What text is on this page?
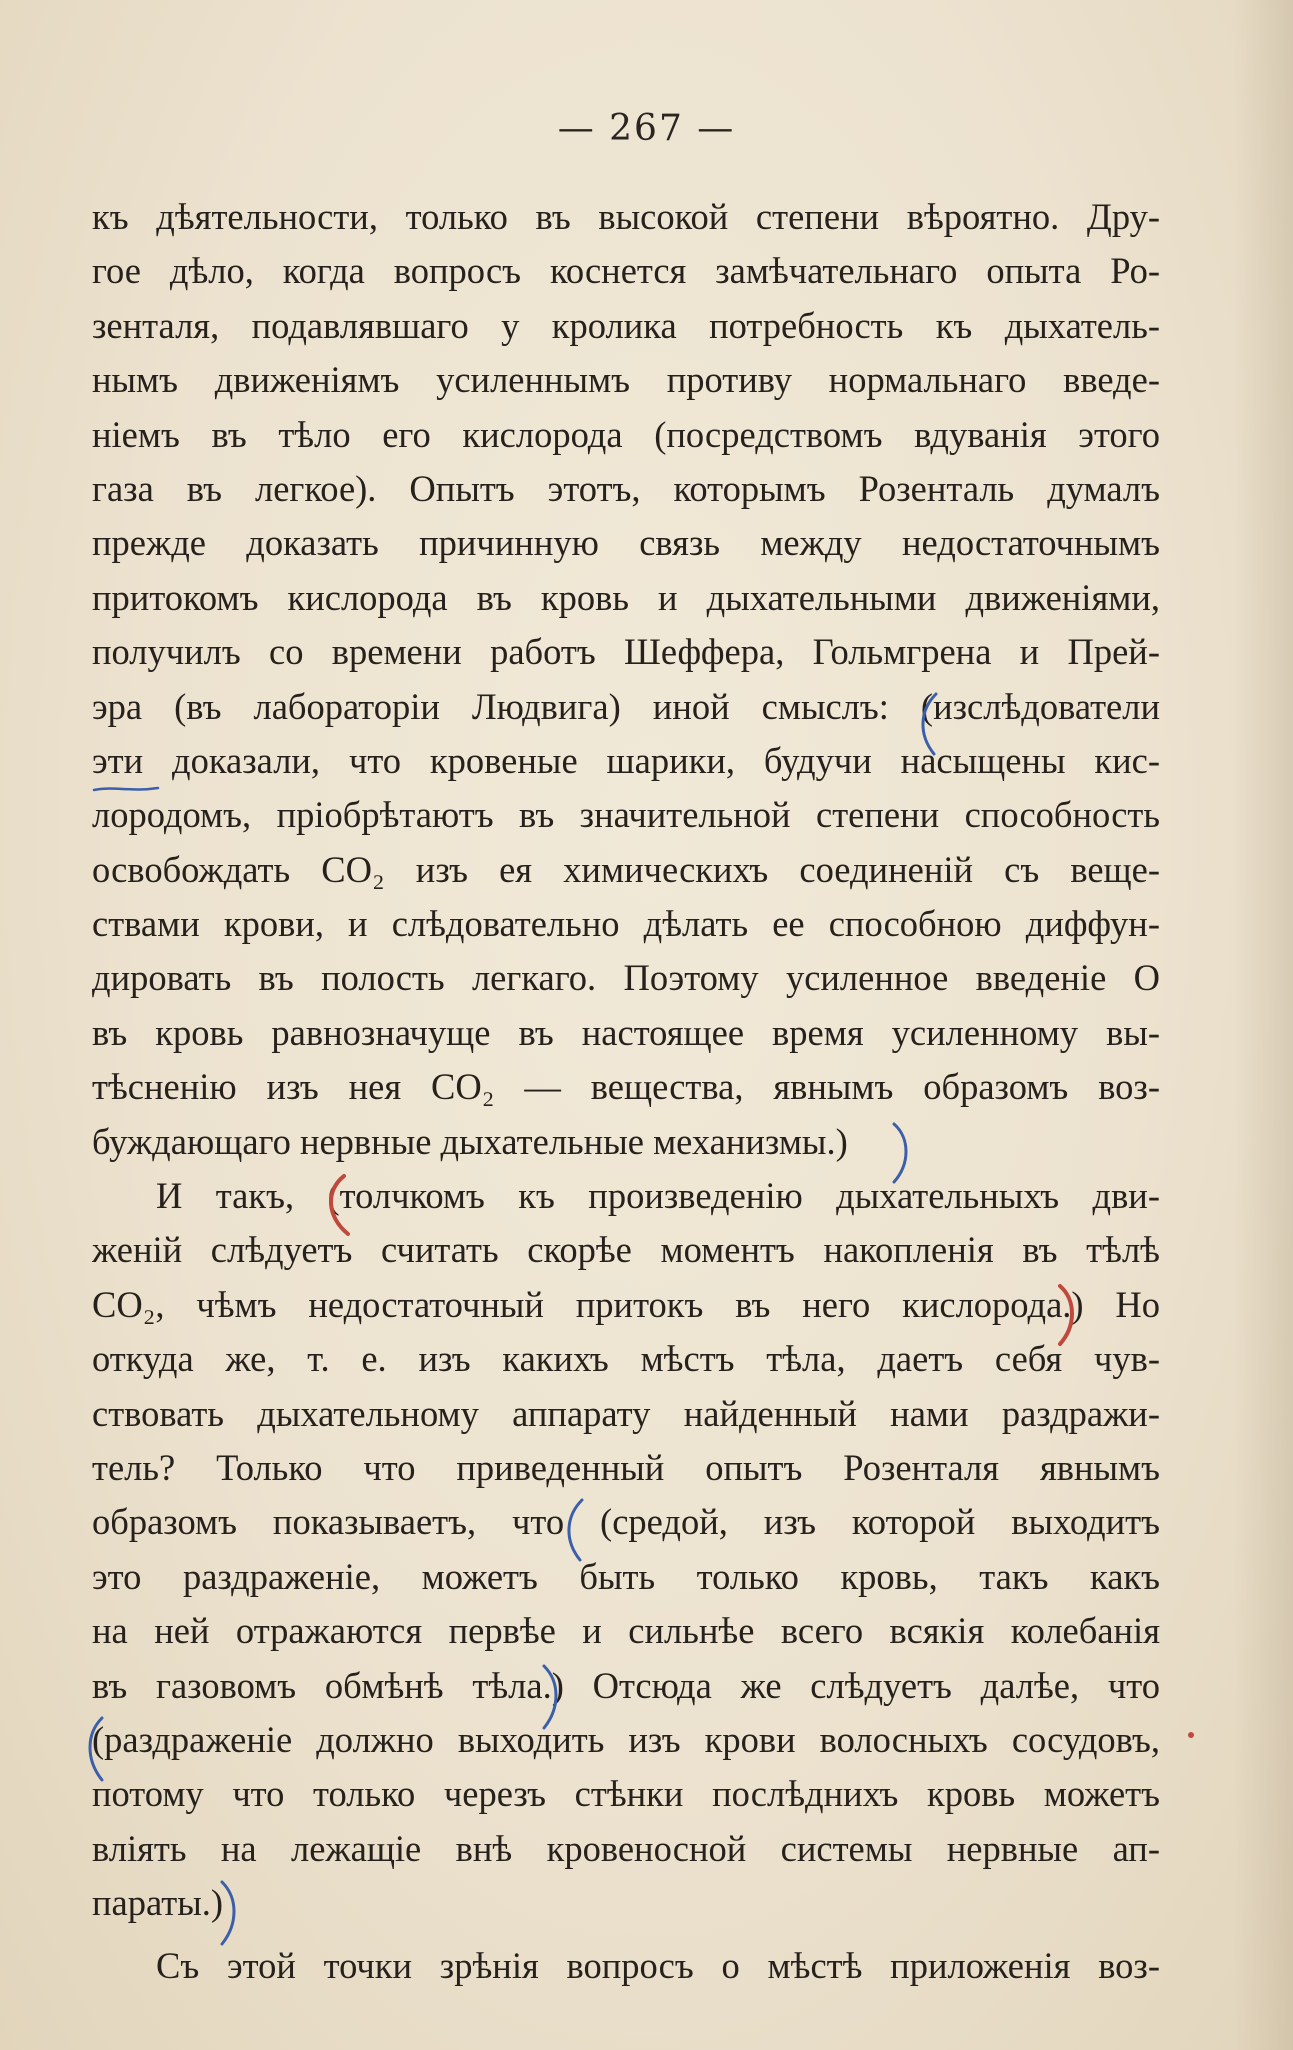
— 267 —
къ дѣятельности, только въ высокой степени вѣроятно. Дру-
гое дѣло, когда вопросъ коснется замѣчательнаго опыта Ро-
зенталя, подавлявшаго у кролика потребность къ дыхатель-
нымъ движеніямъ усиленнымъ противу нормальнаго введе-
ніемъ въ тѣло его кислорода (посредствомъ вдуванія этого
газа въ легкое). Опытъ этотъ, которымъ Розенталь думалъ
прежде доказать причинную связь между недостаточнымъ
притокомъ кислорода въ кровь и дыхательными движеніями,
получилъ со времени работъ Шеффера, Гольмгрена и Прей-
эра (въ лабораторіи Людвига) иной смыслъ: (изслѣдователи
эти доказали, что кровеные шарики, будучи насыщены кис-
лородомъ, пріобрѣтаютъ въ значительной степени способность
освобождать CO₂ изъ ея химическихъ соединеній съ веще-
ствами крови, и слѣдовательно дѣлать ее способною диффун-
дировать въ полость легкаго. Поэтому усиленное введеніе O
въ кровь равнозначуще въ настоящее время усиленному вы-
тѣсненію изъ нея CO₂ — вещества, явнымъ образомъ воз-
буждающаго нервные дыхательные механизмы.)
И такъ, (толчкомъ къ произведенію дыхательныхъ дви-
женій слѣдуетъ считать скорѣе моментъ накопленія въ тѣлѣ
CO₂, чѣмъ недостаточный притокъ въ него кислорода.) Но
откуда же, т. е. изъ какихъ мѣстъ тѣла, даетъ себя чув-
ствовать дыхательному аппарату найденный нами раздражи-
тель? Только что приведенный опытъ Розенталя явнымъ
образомъ показываетъ, что (средой, изъ которой выходитъ
это раздраженіе, можетъ быть только кровь, такъ какъ
на ней отражаются первѣе и сильнѣе всего всякія колебанія
въ газовомъ обмѣнѣ тѣла.) Отсюда же слѣдуетъ далѣе, что
(раздраженіе должно выходить изъ крови волосныхъ сосудовъ,
потому что только черезъ стѣнки послѣднихъ кровь можетъ
вліять на лежащіе внѣ кровеносной системы нервные ап-
параты.)
Съ этой точки зрѣнія вопросъ о мѣстѣ приложенія воз-
